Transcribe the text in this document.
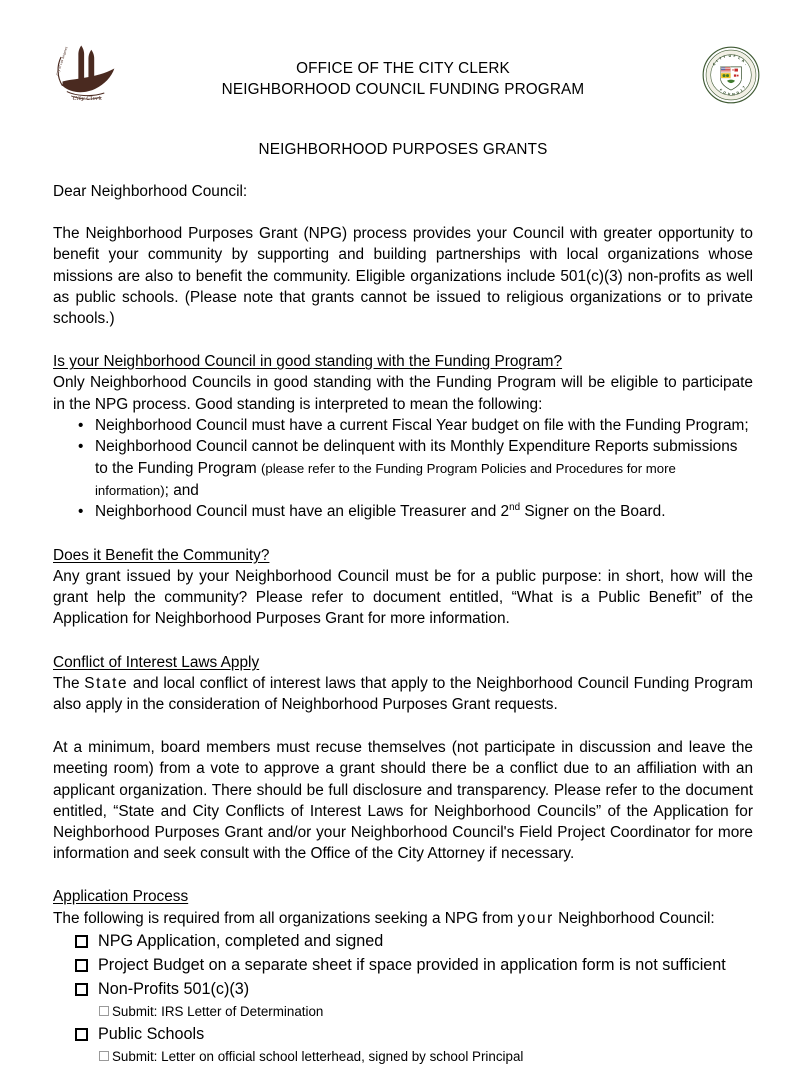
City Clerk
City of Los Angeles	C
I
T Y O F L
A
.
F
O U N D
1
7
OFFICE OF THE CITY CLERK
NEIGHBORHOOD COUNCIL FUNDING PROGRAM
NEIGHBORHOOD PURPOSES GRANTS

Dear Neighborhood Council:

The Neighborhood Purposes Grant (NPG) process provides your Council with greater opportunity to benefit your community by supporting and building partnerships with local organizations whose missions are also to benefit the community. Eligible organizations include 501(c)(3) non-profits as well as public schools. (Please note that grants cannot be issued to religious organizations or to private schools.)

Is your Neighborhood Council in good standing with the Funding Program?

Only Neighborhood Councils in good standing with the Funding Program will be eligible to participate in the NPG process. Good standing is interpreted to mean the following:

• Neighborhood Council must have a current Fiscal Year budget on file with the Funding Program;
• Neighborhood Council cannot be delinquent with its Monthly Expenditure Reports submissions to the Funding Program (please refer to the Funding Program Policies and Procedures for more information); and
• Neighborhood Council must have an eligible Treasurer and 2nd Signer on the Board.
Does it Benefit the Community?

Any grant issued by your Neighborhood Council must be for a public purpose: in short, how will the grant help the community? Please refer to document entitled, “What is a Public Benefit” of the Application for Neighborhood Purposes Grant for more information.

Conflict of Interest Laws Apply

The State and local conflict of interest laws that apply to the Neighborhood Council Funding Program also apply in the consideration of Neighborhood Purposes Grant requests.

At a minimum, board members must recuse themselves (not participate in discussion and leave the meeting room) from a vote to approve a grant should there be a conflict due to an affiliation with an applicant organization. There should be full disclosure and transparency. Please refer to the document entitled, “State and City Conflicts of Interest Laws for Neighborhood Councils” of the Application for Neighborhood Purposes Grant and/or your Neighborhood Council's Field Project Coordinator for more information and seek consult with the Office of the City Attorney if necessary.

Application Process

The following is required from all organizations seeking a NPG from your Neighborhood Council:

NPG Application, completed and signed
Project Budget on a separate sheet if space provided in application form is not sufficient
Non-Profits 501(c)(3)
Submit: IRS Letter of Determination
Public Schools
Submit: Letter on official school letterhead, signed by school Principal
